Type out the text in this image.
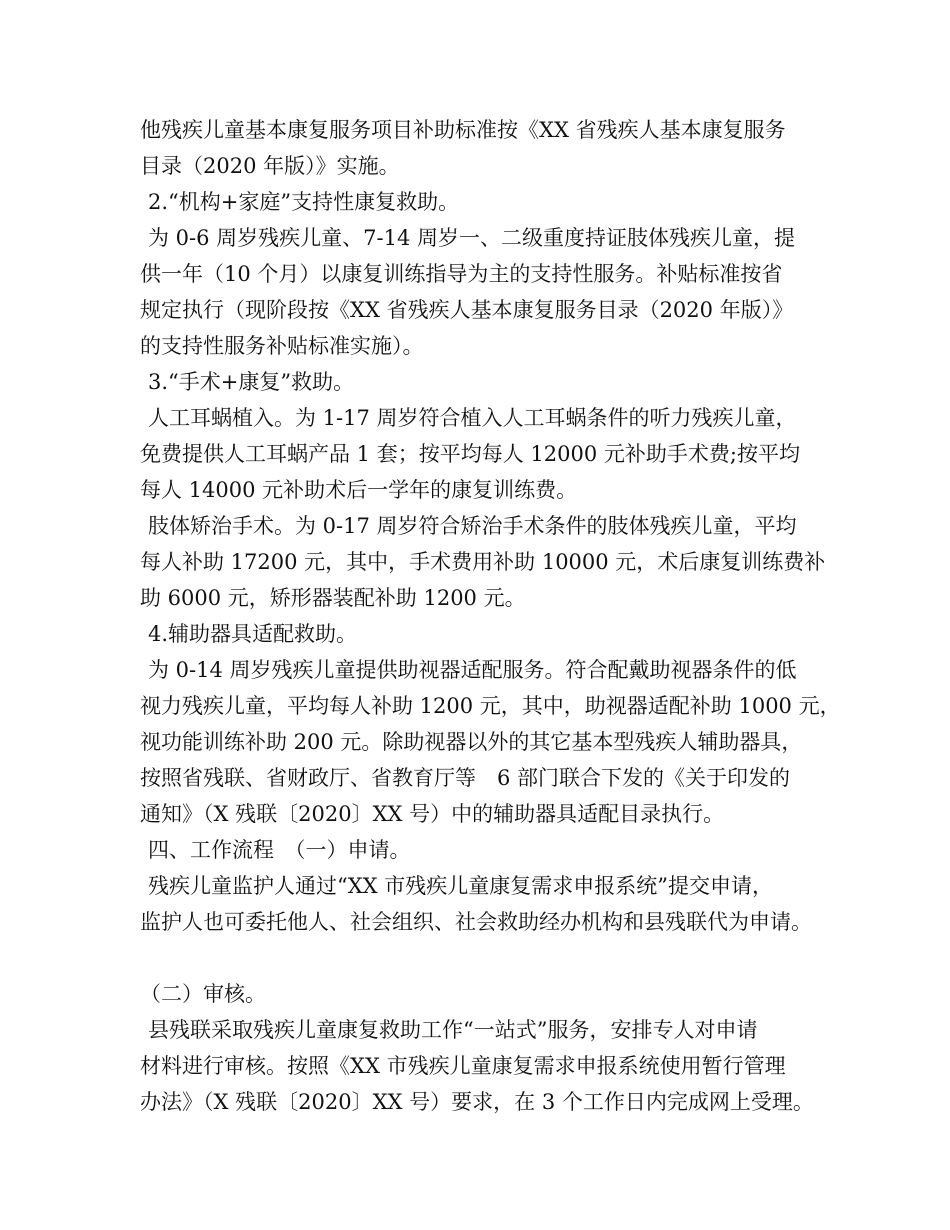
他残疾儿童基本康复服务项目补助标准按《XX 省残疾人基本康复服务
目录（2020 年版）》实施。
2.“机构+家庭”支持性康复救助。
为 0-6 周岁残疾儿童、7-14 周岁一、二级重度持证肢体残疾儿童，提
供一年（10 个月）以康复训练指导为主的支持性服务。补贴标准按省
规定执行（现阶段按《XX 省残疾人基本康复服务目录（2020 年版）》
的支持性服务补贴标准实施）。
3.“手术+康复”救助。
人工耳蜗植入。为 1-17 周岁符合植入人工耳蜗条件的听力残疾儿童，
免费提供人工耳蜗产品 1 套；按平均每人 12000 元补助手术费;按平均
每人 14000 元补助术后一学年的康复训练费。
肢体矫治手术。为 0-17 周岁符合矫治手术条件的肢体残疾儿童，平均
每人补助 17200 元，其中，手术费用补助 10000 元，术后康复训练费补
助 6000 元，矫形器装配补助 1200 元。
4.辅助器具适配救助。
为 0-14 周岁残疾儿童提供助视器适配服务。符合配戴助视器条件的低
视力残疾儿童，平均每人补助 1200 元，其中，助视器适配补助 1000 元，
视功能训练补助 200 元。除助视器以外的其它基本型残疾人辅助器具，
按照省残联、省财政厅、省教育厅等　6 部门联合下发的《关于印发的
通知》（X 残联〔2020〕XX 号）中的辅助器具适配目录执行。
四、工作流程　（一）申请。
残疾儿童监护人通过“XX 市残疾儿童康复需求申报系统”提交申请，
监护人也可委托他人、社会组织、社会救助经办机构和县残联代为申请。
（二）审核。
县残联采取残疾儿童康复救助工作“一站式”服务，安排专人对申请
材料进行审核。按照《XX 市残疾儿童康复需求申报系统使用暂行管理
办法》（X 残联〔2020〕XX 号）要求，在 3 个工作日内完成网上受理。
